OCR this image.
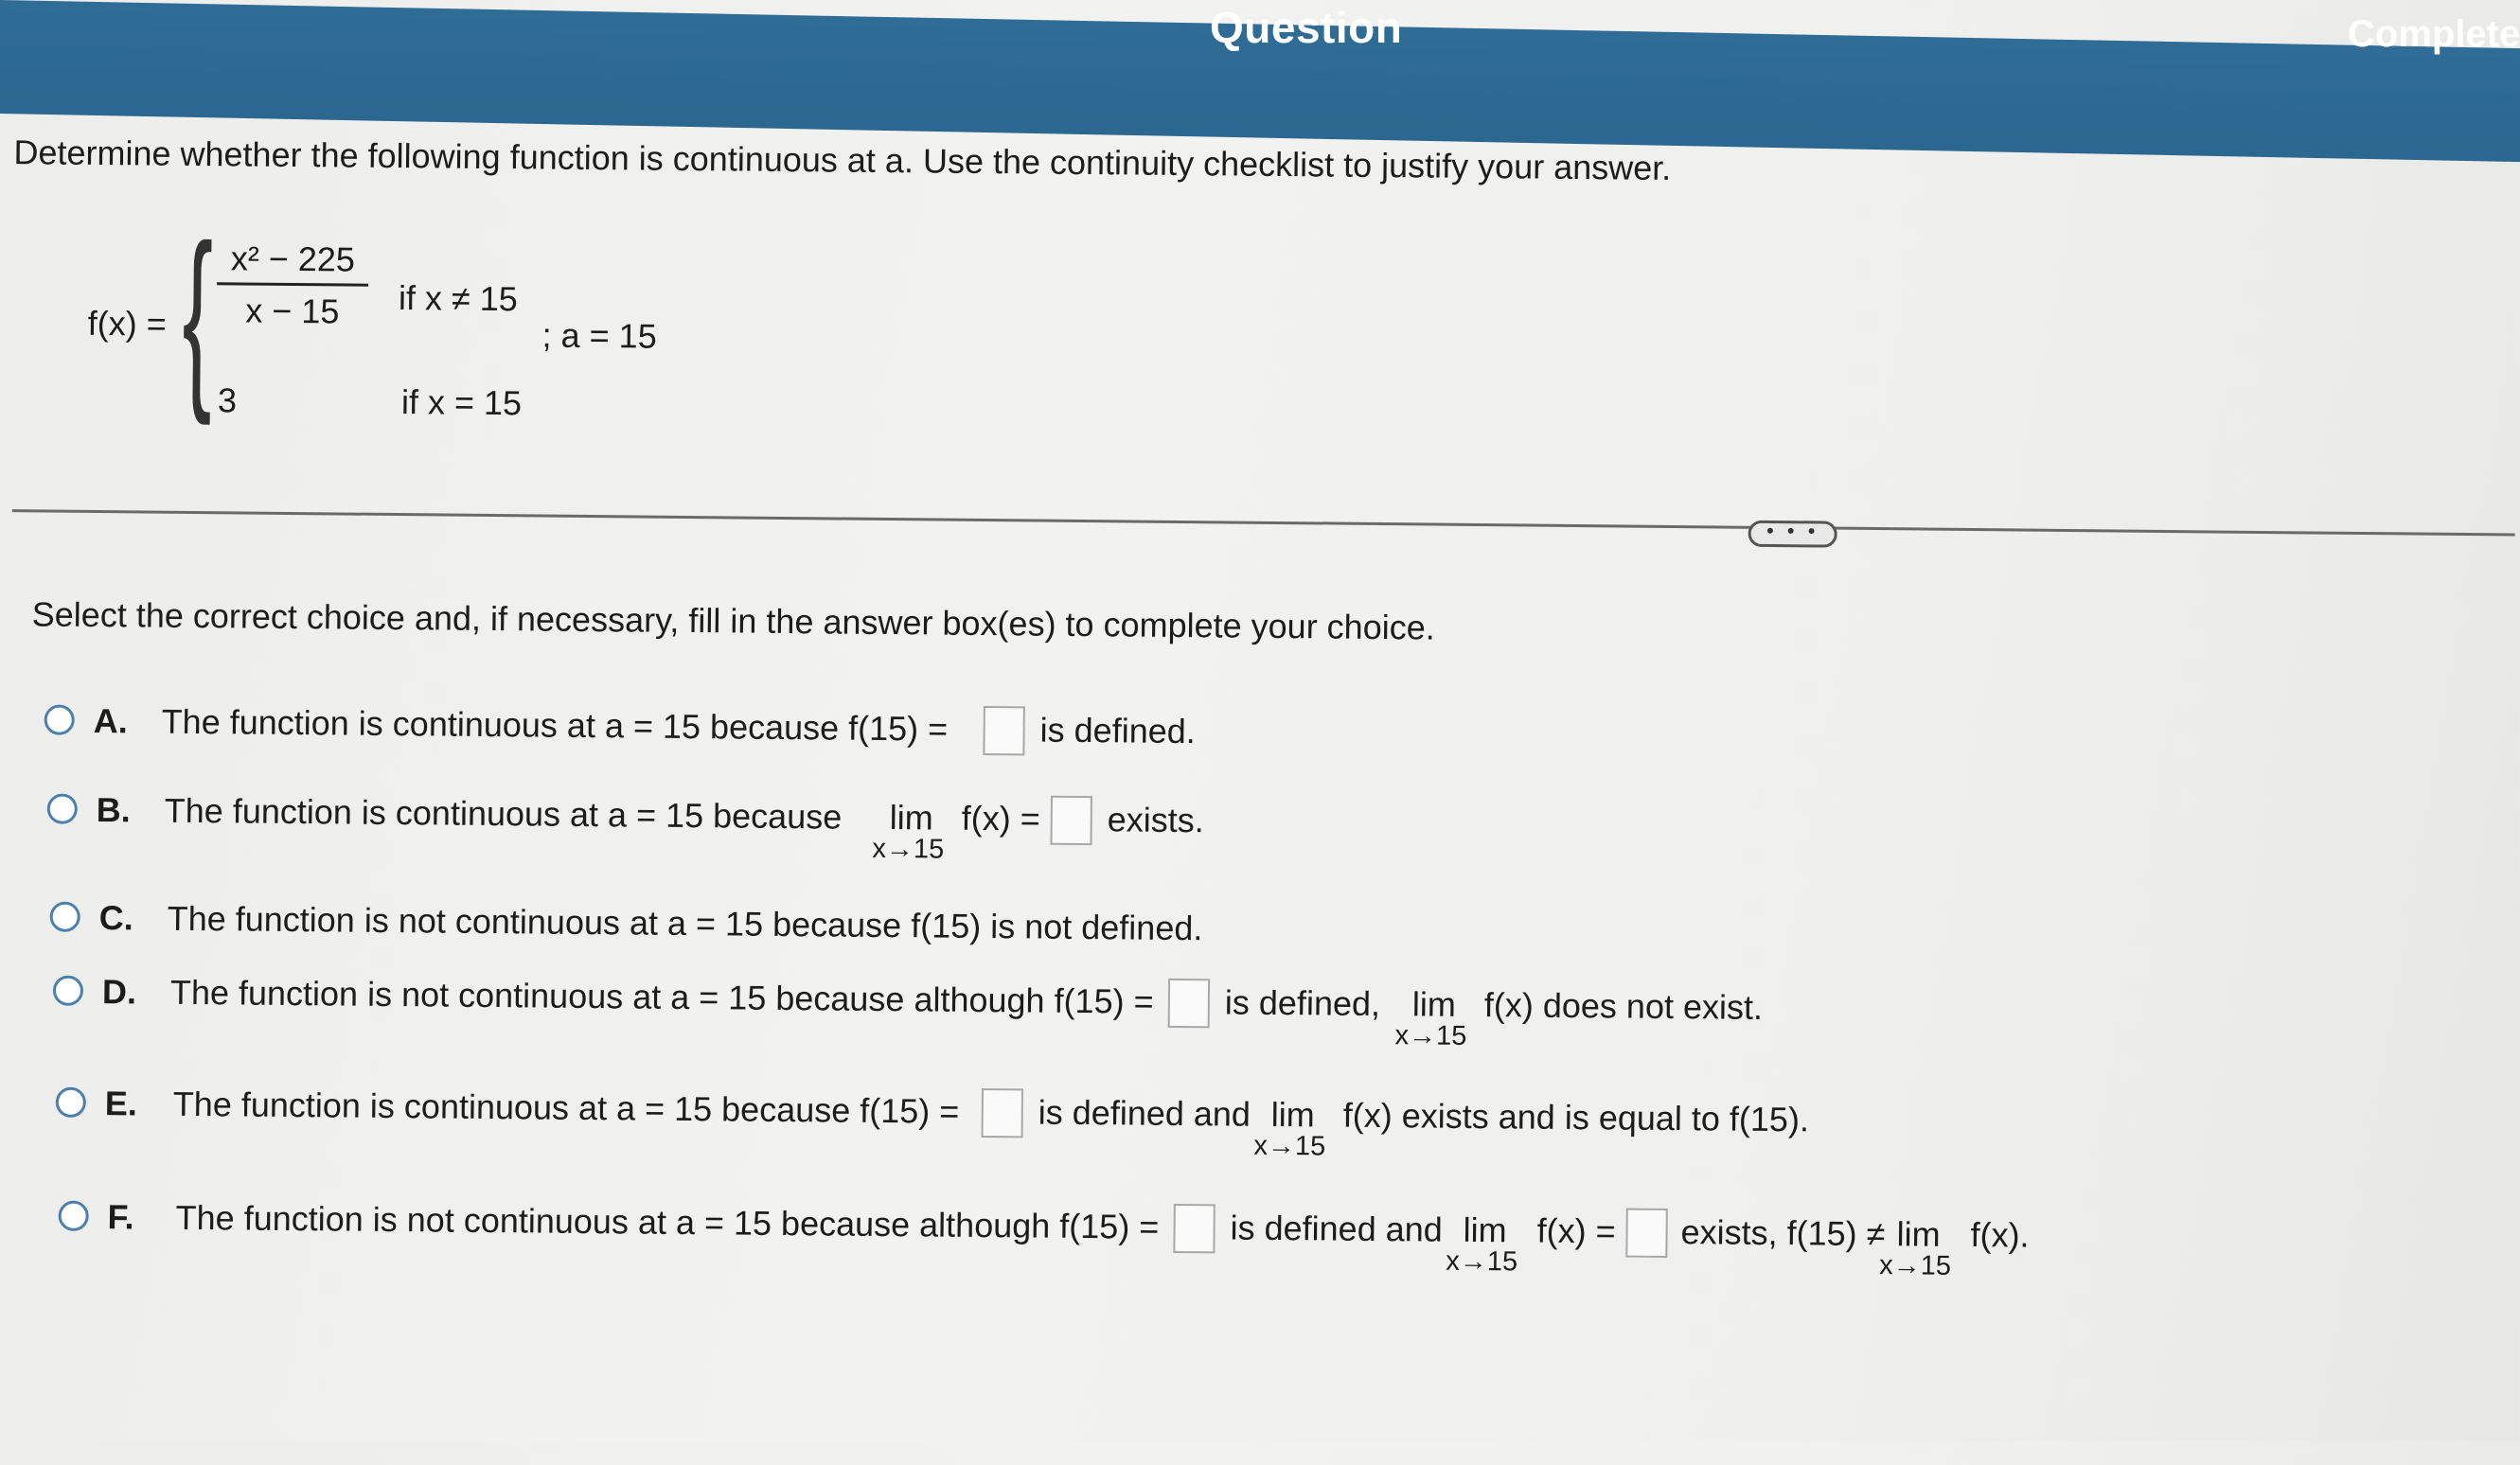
Question	Complete
Determine whether the following function is continuous at a. Use the continuity checklist to justify your answer.
f(x) = { $\frac{\text{x² − 225}}{x - 15}$ if x ≠ 15
3	if x = 15
; a = 15
• • •
Select the correct choice and, if necessary, fill in the answer box(es) to complete your choice.
A. The function is continuous at a = 15 because f(15) =	is defined.
B. The function is continuous at a = 15 because lim
x→15
f(x) = exists.
C. The function is not continuous at a = 15 because f(15) is not defined.
D. The function is not continuous at a = 15 because although f(15) = is defined, lim
x→15
f(x) does not exist.
E. The function is continuous at a = 15 because f(15) = is defined and lim
x→15
f(x) exists and is equal to f(15).
F. The function is not continuous at a = 15 because although f(15) = is defined and lim
x→15
f(x) = exists, f(15) ≠ lim
x→15
f(x).
